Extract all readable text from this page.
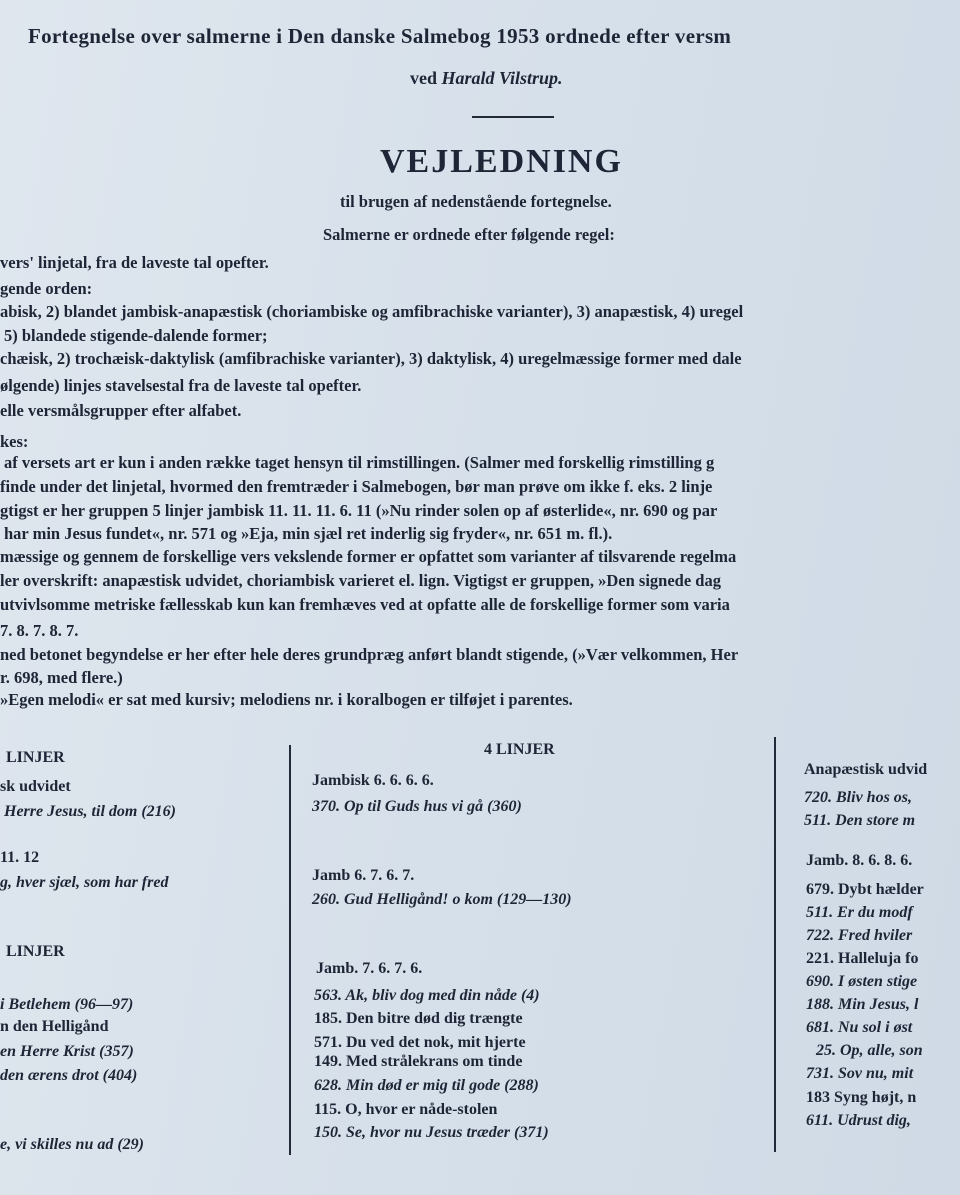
Fortegnelse over salmerne i Den danske Salmebog 1953 ordnede efter versm
ved Harald Vilstrup.
VEJLEDNING
til brugen af nedenstående fortegnelse.
Salmerne er ordnede efter følgende regel:
vers' linjetal, fra de laveste tal opefter.
gende orden:
abisk, 2) blandet jambisk-anapæstisk (choriambiske og amfibrachiske varianter), 3) anapæstisk, 4) uregel
5) blandede stigende-dalende former;
chæisk, 2) trochæisk-daktylisk (amfibrachiske varianter), 3) daktylisk, 4) uregelmæssige former med dale
ølgende) linjes stavelsestal fra de laveste tal opefter.
elle versmålsgrupper efter alfabet.
kes:
af versets art er kun i anden række taget hensyn til rimstillingen. (Salmer med forskellig rimstilling g
finde under det linjetal, hvormed den fremtræder i Salmebogen, bør man prøve om ikke f. eks. 2 linje
gtigst er her gruppen 5 linjer jambisk 11. 11. 11. 6. 11 (»Nu rinder solen op af østerlide«, nr. 690 og par
har min Jesus fundet«, nr. 571 og »Eja, min sjæl ret inderlig sig fryder«, nr. 651 m. fl.).
mæssige og gennem de forskellige vers vekslende former er opfattet som varianter af tilsvarende regelma
ler overskrift: anapæstisk udvidet, choriambisk varieret el. lign. Vigtigst er gruppen, »Den signede dag
utvivlsomme metriske fællesskab kun kan fremhæves ved at opfatte alle de forskellige former som varia
7. 8. 7. 8. 7.
ned betonet begyndelse er her efter hele deres grundpræg anført blandt stigende, (»Vær velkommen, Her
r. 698, med flere.)
»Egen melodi« er sat med kursiv; melodiens nr. i koralbogen er tilføjet i parentes.
LINJER
sk udvidet
Herre Jesus, til dom (216)
11. 12
g, hver sjæl, som har fred
LINJER
i Betlehem (96—97)
n den Helligånd
en Herre Krist (357)
den ærens drot (404)
e, vi skilles nu ad (29)
4 LINJER
Jambisk 6. 6. 6. 6.
370. Op til Guds hus vi gå (360)
Jamb 6. 7. 6. 7.
260. Gud Helligånd! o kom (129—130)
Jamb. 7. 6. 7. 6.
563. Ak, bliv dog med din nåde (4)
185. Den bitre død dig trængte
571. Du ved det nok, mit hjerte
149. Med strålekrans om tinde
628. Min død er mig til gode (288)
115. O, hvor er nåde-stolen
150. Se, hvor nu Jesus træder (371)
Anapæstisk udvid
720. Bliv hos os,
511. Den store m
Jamb. 8. 6. 8. 6.
679. Dybt hælder
511. Er du modf
722. Fred hviler
221. Halleluja fo
690. I østen stige
188. Min Jesus, l
681. Nu sol i øst
25. Op, alle, son
731. Sov nu, mit
183 Syng højt, n
611. Udrust dig,
